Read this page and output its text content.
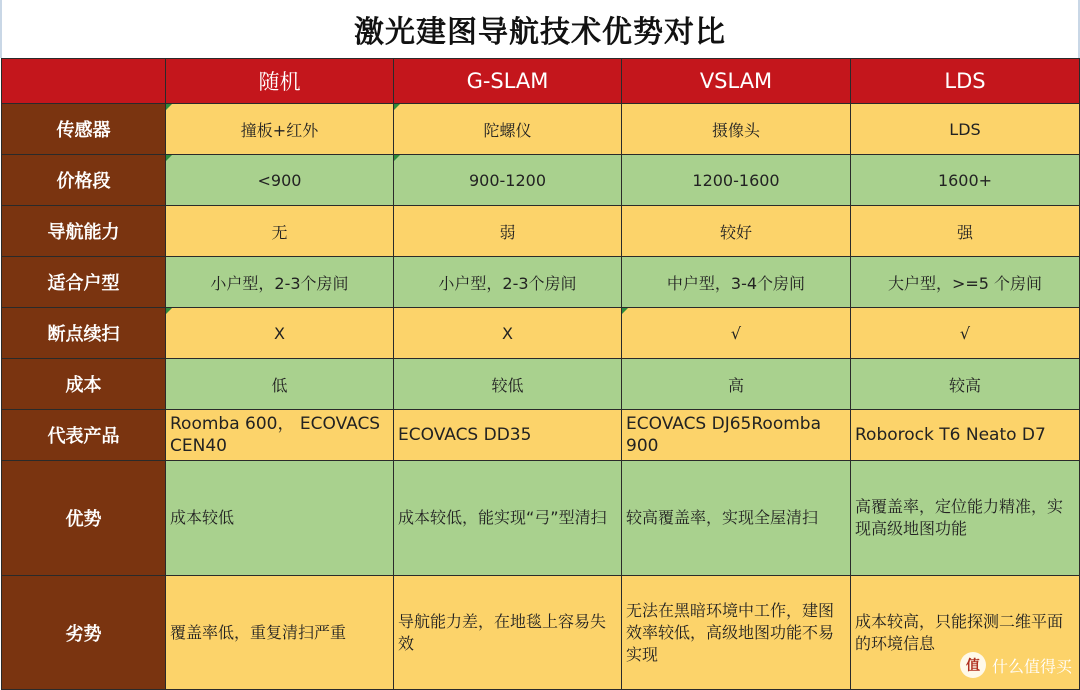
激光建图导航技术优势对比
	随机	G-SLAM	VSLAM	LDS
传感器	撞板+红外	陀螺仪	摄像头	LDS
价格段	<900	900-1200	1200-1600	1600+
导航能力	无	弱	较好	强
适合户型	小户型，2-3个房间	小户型，2-3个房间	中户型，3-4个房间	大户型，>=5 个房间
断点续扫	X	X	√	√
成本	低	较低	高	较高
代表产品	Roomba 600， ECOVACS CEN40	ECOVACS DD35	ECOVACS DJ65Roomba 900	Roborock T6 Neato D7
优势	成本较低	成本较低，能实现“弓”型清扫	较高覆盖率，实现全屋清扫	高覆盖率，定位能力精准，实现高级地图功能
劣势	覆盖率低，重复清扫严重	导航能力差，在地毯上容易失效	无法在黑暗环境中工作，建图效率较低，高级地图功能不易实现	成本较高，只能探测二维平面的环境信息
值 什么值得买
